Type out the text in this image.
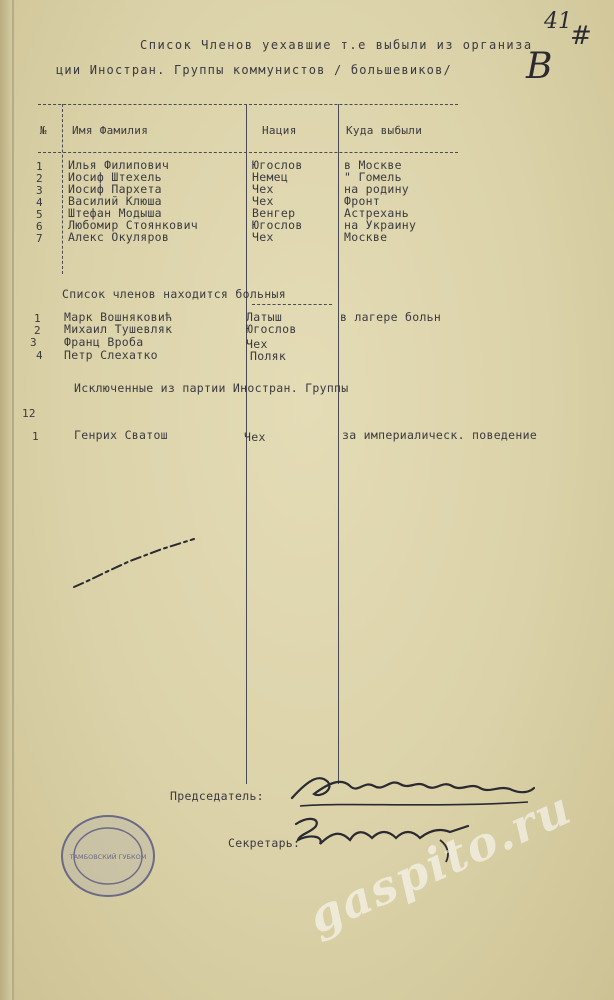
41
#
В
Список Членов уехавшие т.е выбыли из организа
ции Иностран. Группы коммунистов / большевиков/
№ Имя Фамилия	Нация	Куда выбыли
1 Илья Филипович	Югослов	в Москве
2 Иосиф Штехель	Немец	" Гомель
3 Иосиф Пархета	Чех	на родину
4 Василий Клюша	Чех	Фронт
5 Штефан Модыша	Венгер	Астрехань
6 Любомир Стоянкович	Югослов	на Украину
7 Алекс Окуляров	Чех	Москве
Список членов находится больныя
1 Марк Вошняковић	Латыш	в лагере больн
2 Михаил Тушевляк	Югослов
3 Франц Вроба	Чех
4 Петр Слехатко	Поляк
Исключенные из партии Иностран. Группы
12
1	Генрих Сватош	Чех	за империалическ. поведение
Председатель:
Секретарь:
ТАМБОВСКИЙ ГУБКОМ	gaspito.ru
